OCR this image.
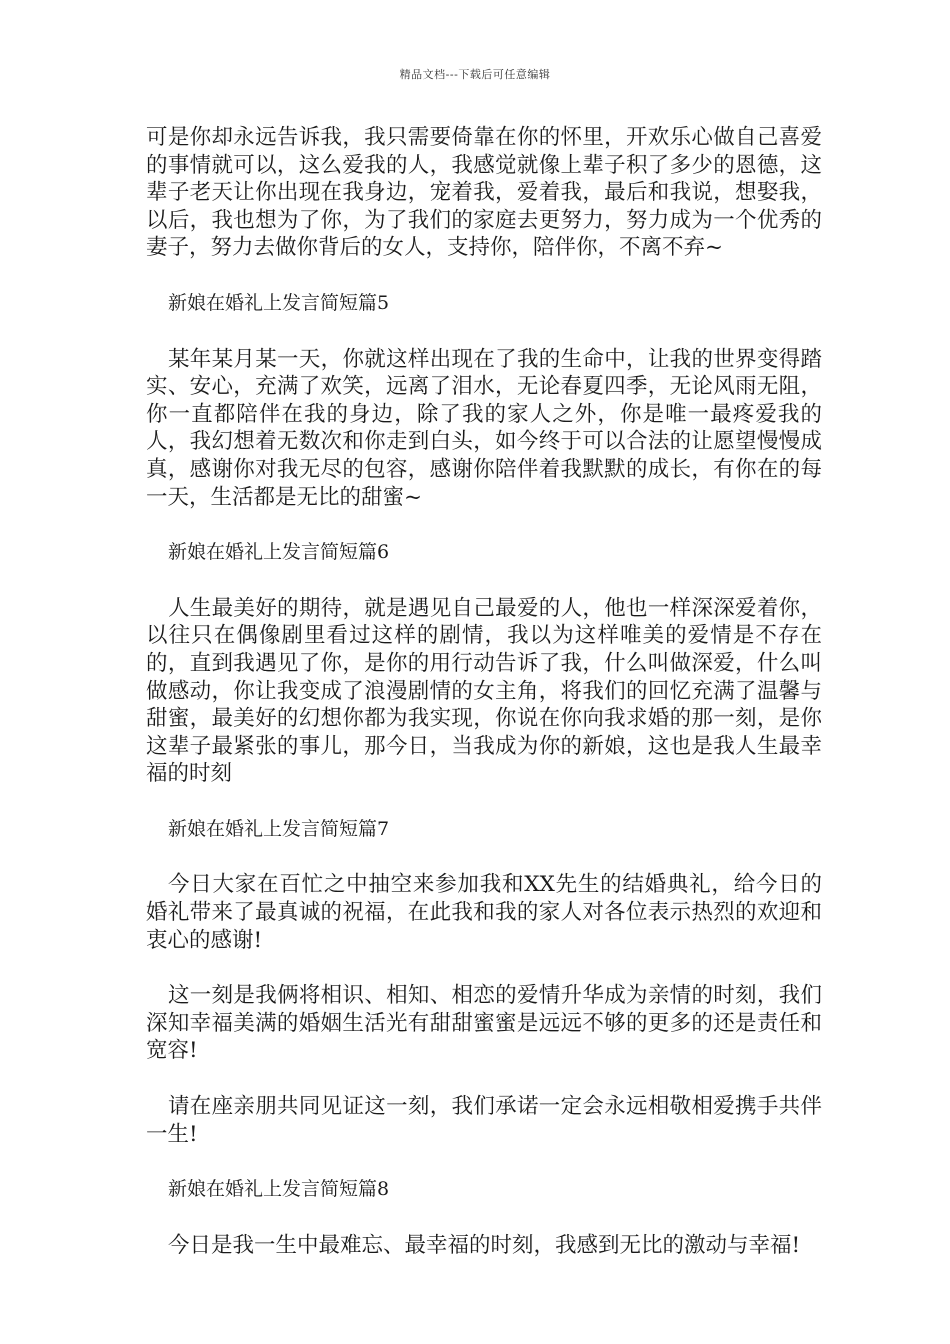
精品文档---下载后可任意编辑

可是你却永远告诉我，我只需要倚靠在你的怀里，开欢乐心做自己喜爱的事情就可以，这么爱我的人，我感觉就像上辈子积了多少的恩德，这辈子老天让你出现在我身边，宠着我，爱着我，最后和我说，想娶我，以后，我也想为了你，为了我们的家庭去更努力，努力成为一个优秀的妻子，努力去做你背后的女人，支持你，陪伴你，不离不弃~

新娘在婚礼上发言简短篇5

某年某月某一天，你就这样出现在了我的生命中，让我的世界变得踏实、安心，充满了欢笑，远离了泪水，无论春夏四季，无论风雨无阻，你一直都陪伴在我的身边，除了我的家人之外，你是唯一最疼爱我的人，我幻想着无数次和你走到白头，如今终于可以合法的让愿望慢慢成真，感谢你对我无尽的包容，感谢你陪伴着我默默的成长，有你在的每一天，生活都是无比的甜蜜~

新娘在婚礼上发言简短篇6

人生最美好的期待，就是遇见自己最爱的人，他也一样深深爱着你，以往只在偶像剧里看过这样的剧情，我以为这样唯美的爱情是不存在的，直到我遇见了你，是你的用行动告诉了我，什么叫做深爱，什么叫做感动，你让我变成了浪漫剧情的女主角，将我们的回忆充满了温馨与甜蜜，最美好的幻想你都为我实现，你说在你向我求婚的那一刻，是你这辈子最紧张的事儿，那今日，当我成为你的新娘，这也是我人生最幸福的时刻

新娘在婚礼上发言简短篇7

今日大家在百忙之中抽空来参加我和XX先生的结婚典礼，给今日的婚礼带来了最真诚的祝福，在此我和我的家人对各位表示热烈的欢迎和衷心的感谢!

这一刻是我俩将相识、相知、相恋的爱情升华成为亲情的时刻，我们深知幸福美满的婚姻生活光有甜甜蜜蜜是远远不够的更多的还是责任和宽容!

请在座亲朋共同见证这一刻，我们承诺一定会永远相敬相爱携手共伴一生!

新娘在婚礼上发言简短篇8

今日是我一生中最难忘、最幸福的时刻，我感到无比的激动与幸福!
